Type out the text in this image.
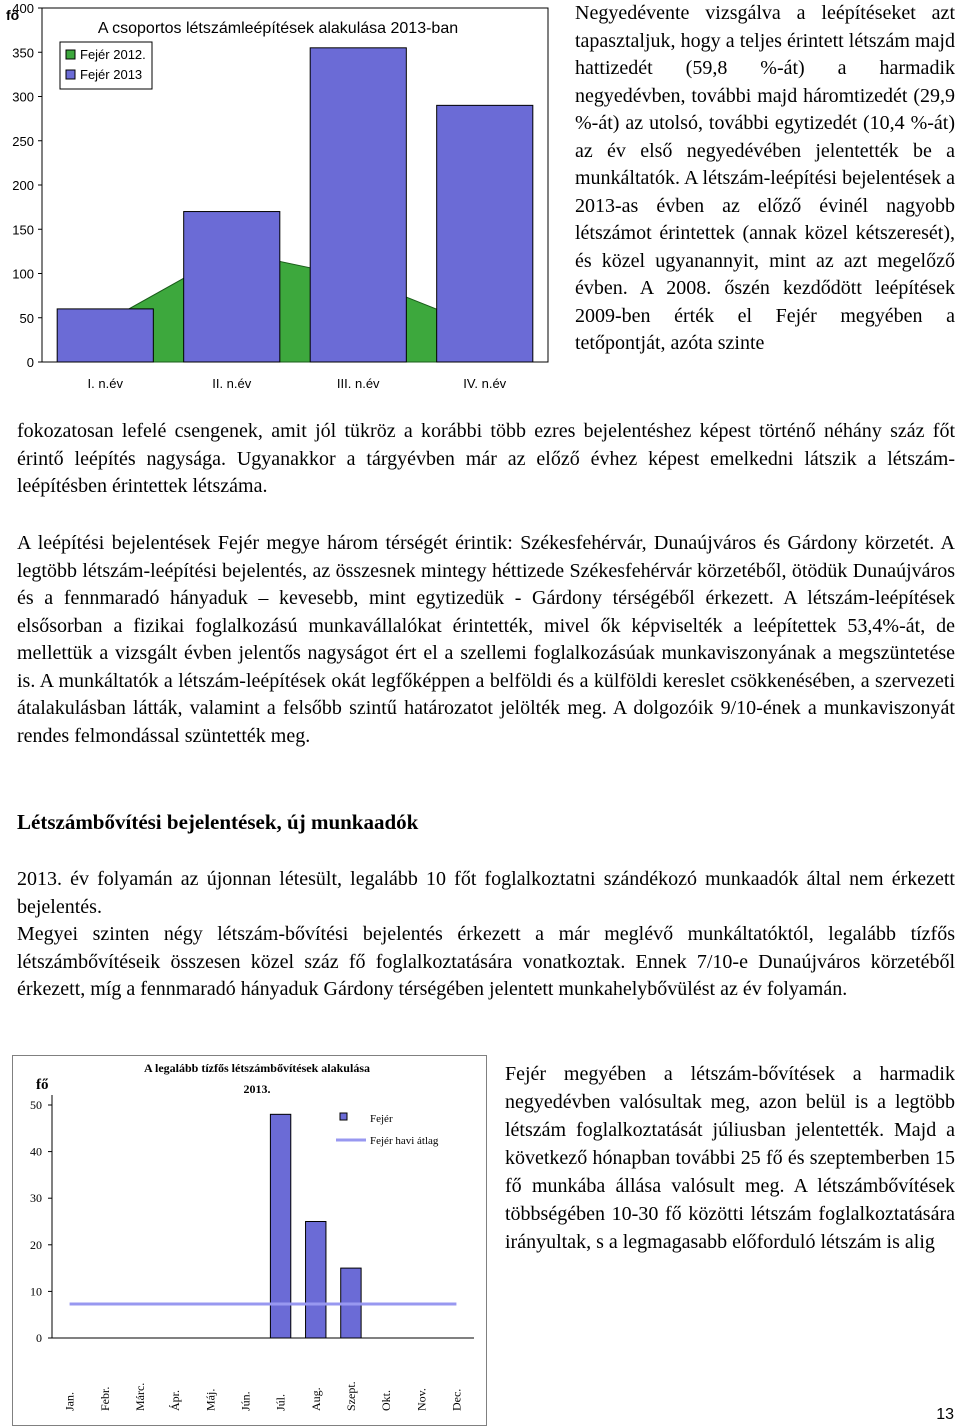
fő
0
50
100
150
200
250
300
350
400
I. n.év	II. n.év	III. n.év	IV. n.év
A csoportos létszámleépítések alakulása 2013-ban
Fejér 2012.
Fejér 2013

Negyedévente vizsgálva a leépítéseket azt tapasztaljuk, hogy a teljes érintett létszám majd hattizedét (59,8 %-át) a harmadik negyedévben, további majd háromtizedét (29,9 %-át) az utolsó, további egytizedét (10,4 %-át) az év első negyedévében jelentették be a munkáltatók. A létszám-leépítési bejelentések a 2013-as évben az előző évinél nagyobb létszámot érintettek (annak közel kétszeresét), és közel ugyanannyit, mint az azt megelőző évben. A 2008. őszén kezdődött leépítések 2009-ben érték el Fejér megyében a tetőpontját, azóta szinte

fokozatosan lefelé csengenek, amit jól tükröz a korábbi több ezres bejelentéshez képest történő néhány száz főt érintő leépítés nagysága. Ugyanakkor a tárgyévben már az előző évhez képest emelkedni látszik a létszám-leépítésben érintettek létszáma.

A leépítési bejelentések Fejér megye három térségét érintik: Székesfehérvár, Dunaújváros és Gárdony körzetét. A legtöbb létszám-leépítési bejelentés, az összesnek mintegy héttizede Székesfehérvár körzetéből, ötödük Dunaújváros és a fennmaradó hányaduk – kevesebb, mint egytizedük - Gárdony térségéből érkezett. A létszám-leépítések elsősorban a fizikai foglalkozású munkavállalókat érintették, mivel ők képviselték a leépítettek 53,4%-át, de mellettük a vizsgált évben jelentős nagyságot ért el a szellemi foglalkozásúak munkaviszonyának a megszüntetése is. A munkáltatók a létszám-leépítések okát legfőképpen a belföldi és a külföldi kereslet csökkenésében, a szervezeti átalakulásban látták, valamint a felsőbb szintű határozatot jelölték meg. A dolgozóik 9/10-ének a munkaviszonyát rendes felmondással szüntették meg.

Létszámbővítési bejelentések, új munkaadók

2013. év folyamán az újonnan létesült, legalább 10 főt foglalkoztatni szándékozó munkaadók által nem érkezett bejelentés.

Megyei szinten négy létszám-bővítési bejelentés érkezett a már meglévő munkáltatóktól, legalább tízfős létszámbővítéseik összesen közel száz fő foglalkoztatására vonatkoztak. Ennek 7/10-e Dunaújváros körzetéből érkezett, míg a fennmaradó hányaduk Gárdony térségében jelentett munkahelybővülést az év folyamán.

fő
0
10
20
30
40
50
Jan. Febr. Márc. Ápr. Máj. Jún. Júl. Aug. Szept. Okt. Nov. Dec.
A legalább tízfős létszámbővítések alakulása 2013.
Fejér
Fejér havi átlag

Fejér megyében a létszám-bővítések a harmadik negyedévben valósultak meg, azon belül is a legtöbb létszám foglalkoztatását júliusban jelentették. Majd a következő hónapban további 25 fő és szeptemberben 15 fő munkába állása valósult meg. A létszámbővítések többségében 10-30 fő közötti létszám foglalkoztatására irányultak, s a legmagasabb előforduló létszám is alig

13
